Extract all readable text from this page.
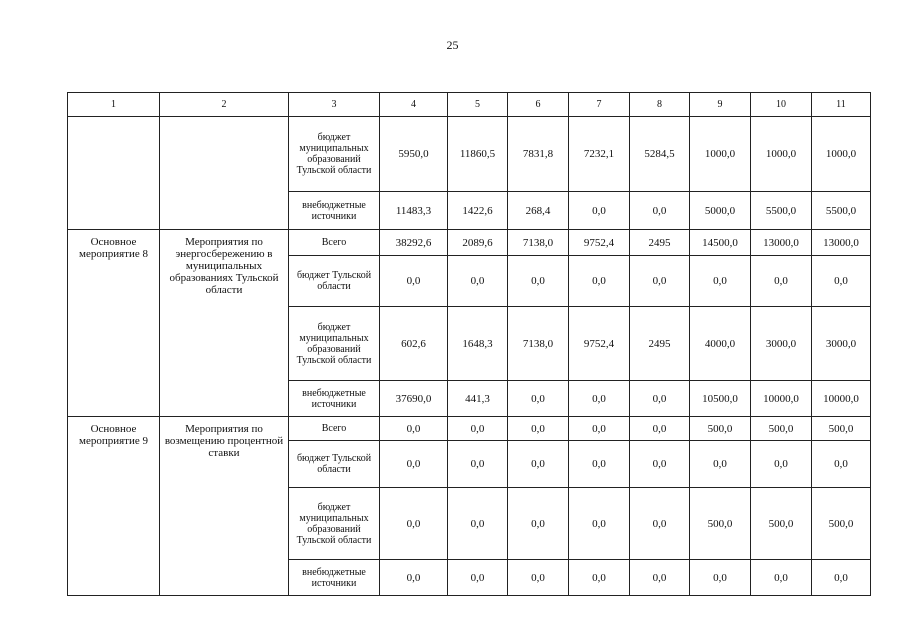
25
1	2	3	4	5	6	7	8	9	10	11
		бюджет муниципальных образований Тульской области	5950,0	11860,5	7831,8	7232,1	5284,5	1000,0	1000,0	1000,0
		внебюджетные источники	11483,3	1422,6	268,4	0,0	0,0	5000,0	5500,0	5500,0
Основное мероприятие 8	Мероприятия по энергосбережению в муниципальных образованиях Тульской области	Всего	38292,6	2089,6	7138,0	9752,4	2495	14500,0	13000,0	13000,0
		бюджет Тульской области	0,0	0,0	0,0	0,0	0,0	0,0	0,0	0,0
		бюджет муниципальных образований Тульской области	602,6	1648,3	7138,0	9752,4	2495	4000,0	3000,0	3000,0
		внебюджетные источники	37690,0	441,3	0,0	0,0	0,0	10500,0	10000,0	10000,0
Основное мероприятие 9	Мероприятия по возмещению процентной ставки	Всего	0,0	0,0	0,0	0,0	0,0	500,0	500,0	500,0
		бюджет Тульской области	0,0	0,0	0,0	0,0	0,0	0,0	0,0	0,0
		бюджет муниципальных образований Тульской области	0,0	0,0	0,0	0,0	0,0	500,0	500,0	500,0
		внебюджетные источники	0,0	0,0	0,0	0,0	0,0	0,0	0,0	0,0
